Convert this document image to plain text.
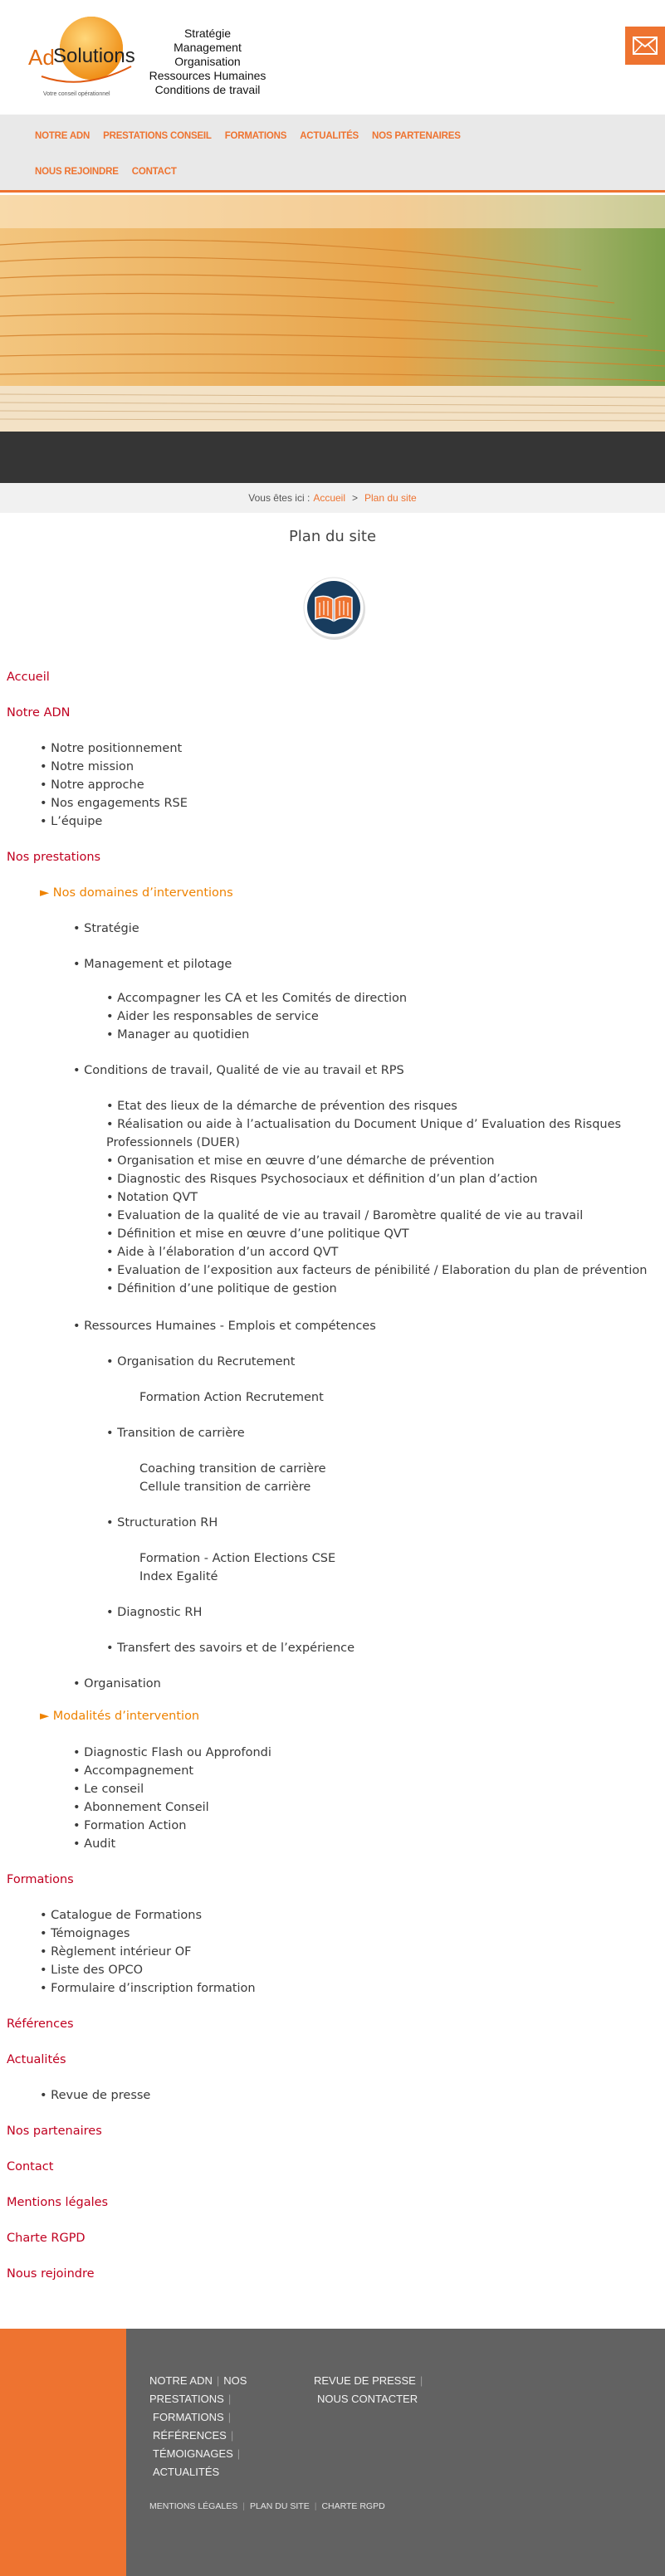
Ad
Solutions
Votre conseil opérationnel
Stratégie
Management
Organisation
Ressources Humaines
Conditions de travail
NOTRE ADN	PRESTATIONS CONSEIL	FORMATIONS	ACTUALITÉS	NOS PARTENAIRES
NOUS REJOINDRE	CONTACT
Vous êtes ici : Accueil > Plan du site
Plan du site
Accueil
Notre ADN
• Notre positionnement
• Notre mission
• Notre approche
• Nos engagements RSE
• L’équipe
Nos prestations
► Nos domaines d’interventions
• Stratégie
• Management et pilotage
• Accompagner les CA et les Comités de direction
• Aider les responsables de service
• Manager au quotidien
• Conditions de travail, Qualité de vie au travail et RPS
• Etat des lieux de la démarche de prévention des risques
• Réalisation ou aide à l’actualisation du Document Unique d’ Evaluation des Risques Professionnels (DUER)
• Organisation et mise en œuvre d’une démarche de prévention
• Diagnostic des Risques Psychosociaux et définition d’un plan d’action
• Notation QVT
• Evaluation de la qualité de vie au travail / Baromètre qualité de vie au travail
• Définition et mise en œuvre d’une politique QVT
• Aide à l’élaboration d’un accord QVT
• Evaluation de l’exposition aux facteurs de pénibilité / Elaboration du plan de prévention
• Définition d’une politique de gestion
• Ressources Humaines - Emplois et compétences
• Organisation du Recrutement
Formation Action Recrutement
• Transition de carrière
Coaching transition de carrière
Cellule transition de carrière
• Structuration RH
Formation - Action Elections CSE
Index Egalité
• Diagnostic RH
• Transfert des savoirs et de l’expérience
• Organisation
► Modalités d’intervention
• Diagnostic Flash ou Approfondi
• Accompagnement
• Le conseil
• Abonnement Conseil
• Formation Action
• Audit
Formations
• Catalogue de Formations
• Témoignages
• Règlement intérieur OF
• Liste des OPCO
• Formulaire d’inscription formation
Références
Actualités
• Revue de presse
Nos partenaires
Contact
Mentions légales
Charte RGPD
Nous rejoindre
NOTRE ADN | NOS PRESTATIONS |
FORMATIONS |
RÉFÉRENCES |
TÉMOIGNAGES |
ACTUALITÉS
REVUE DE PRESSE |
NOUS CONTACTER
MENTIONS LÉGALES | PLAN DU SITE | CHARTE RGPD
